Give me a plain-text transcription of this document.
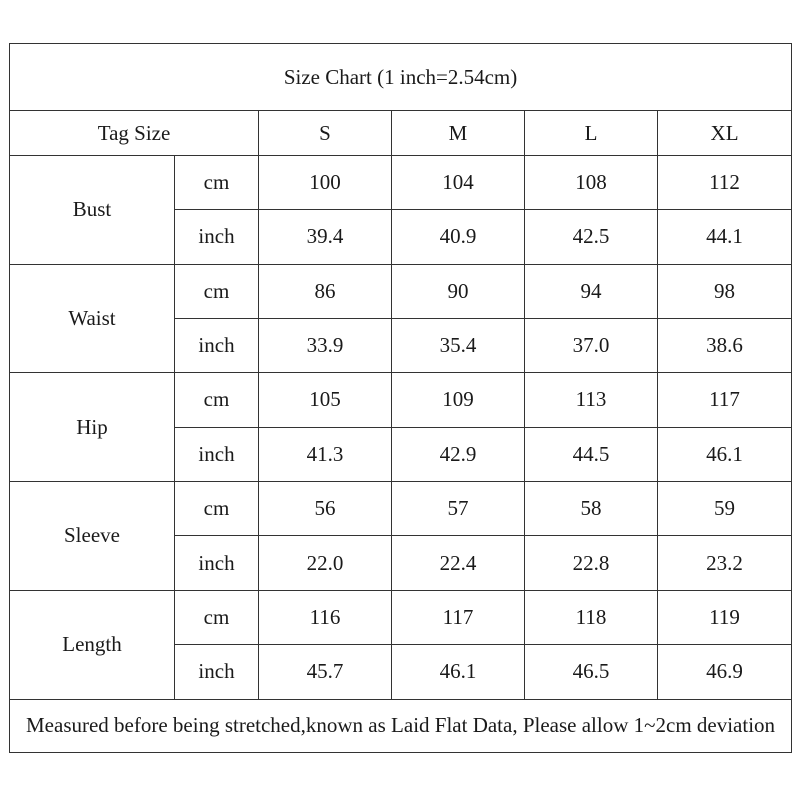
Size Chart (1 inch=2.54cm)					
Tag Size		S	M	L	XL
Bust	cm	100	104	108	112
	inch	39.4	40.9	42.5	44.1
Waist	cm	86	90	94	98
	inch	33.9	35.4	37.0	38.6
Hip	cm	105	109	113	117
	inch	41.3	42.9	44.5	46.1
Sleeve	cm	56	57	58	59
	inch	22.0	22.4	22.8	23.2
Length	cm	116	117	118	119
	inch	45.7	46.1	46.5	46.9
Measured before being stretched,known as Laid Flat Data, Please allow 1~2cm deviation					
